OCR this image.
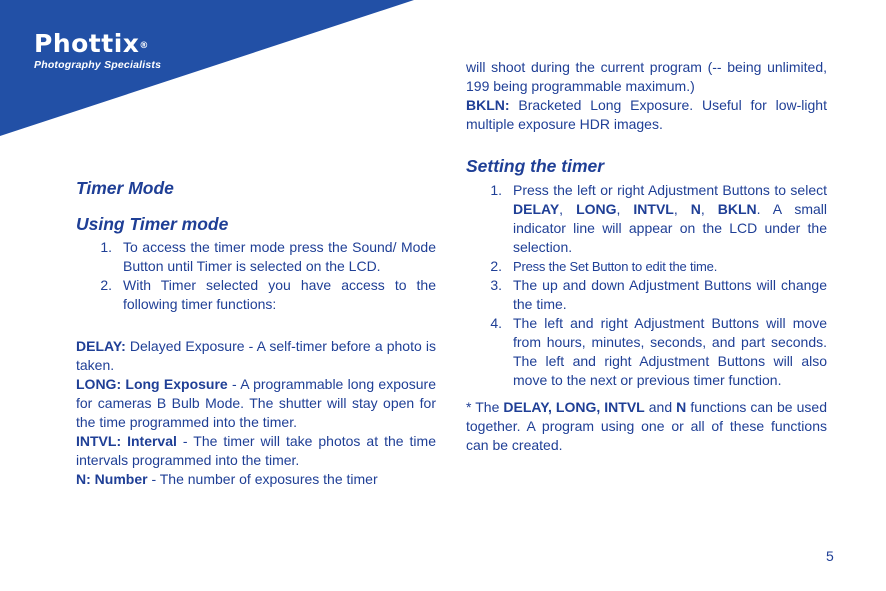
Phottix®
Photography Specialists
Timer Mode
Using Timer mode
1. To access the timer mode press the Sound/ Mode Button until Timer is selected on the LCD.
2. With Timer selected you have access to the following timer functions:

DELAY: Delayed Exposure - A self-timer before a photo is taken.

LONG: Long Exposure - A programmable long exposure for cameras B Bulb Mode. The shutter will stay open for the time programmed into the timer.

INTVL: Interval - The timer will take photos at the time intervals programmed into the timer.

N: Number - The number of exposures the timer

will shoot during the current program (-- being unlimited, 199 being programmable maximum.)

BKLN: Bracketed Long Exposure. Useful for low-light multiple exposure HDR images.

Setting the timer
1. Press the left or right Adjustment Buttons to select DELAY, LONG, INTVL, N, BKLN. A small indicator line will appear on the LCD under the selection.
2. Press the Set Button to edit the time.
3. The up and down Adjustment Buttons will change the time.
4. The left and right Adjustment Buttons will move from hours, minutes, seconds, and part seconds. The left and right Adjustment Buttons will also move to the next or previous timer function.

* The DELAY, LONG, INTVL and N functions can be used together. A program using one or all of these functions can be created.

5
